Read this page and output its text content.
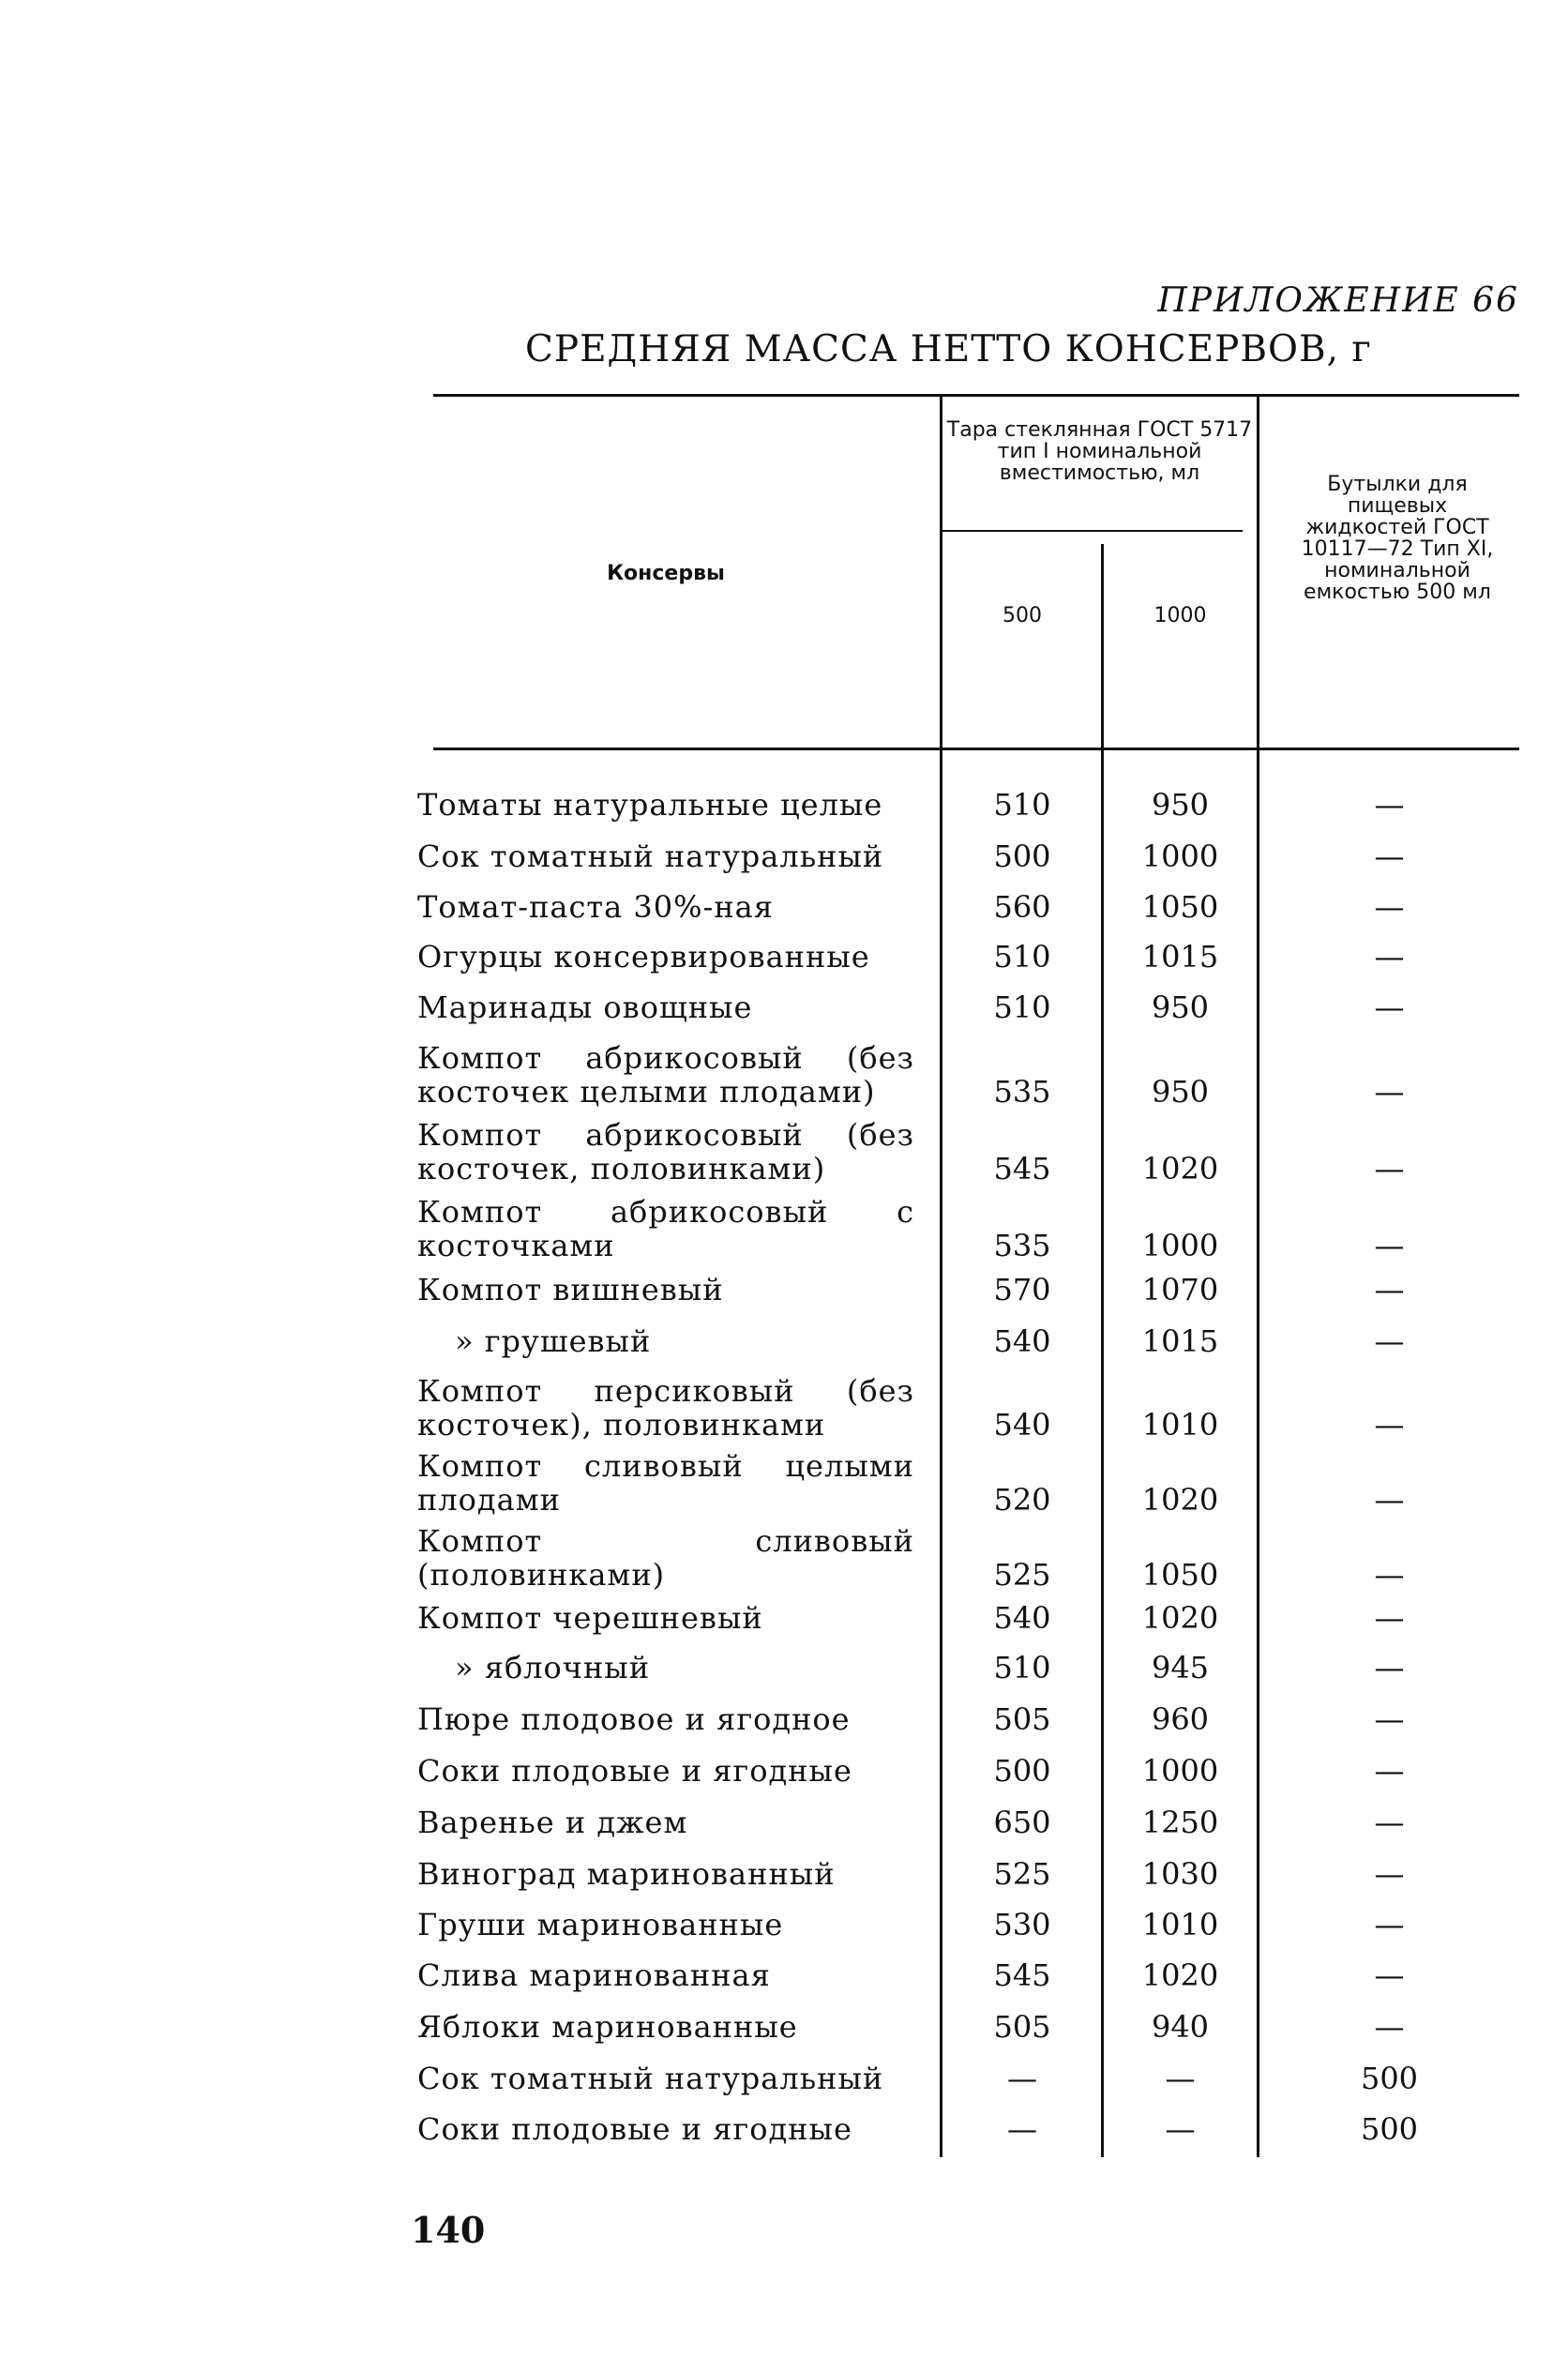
ПРИЛОЖЕНИЕ 66
СРЕДНЯЯ МАССА НЕТТО КОНСЕРВОВ, г
Консервы
Тара стеклянная ГОСТ 5717 тип I номинальной вместимостью, мл
500	1000
Бутылки для пищевых жидкостей ГОСТ 10117—72 Тип XI, номинальной емкостью 500 мл
Томаты натуральные целые	510	950	—
Сок томатный натуральный	500	1000	—
Томат-паста 30%-ная	560	1050	—
Огурцы консервированные	510	1015	—
Маринады овощные	510	950	—
Компот абрикосовый (без косточек целыми плодами)	535	950	—
Компот абрикосовый (без косточек, половинками)	545	1020	—
Компот абрикосовый с косточками	535	1000	—
Компот вишневый	570	1070	—
» грушевый	540	1015	—
Компот персиковый (без косточек), половинками	540	1010	—
Компот сливовый целыми плодами	520	1020	—
Компот сливовый (половинками)	525	1050	—
Компот черешневый	540	1020	—
» яблочный	510	945	—
Пюре плодовое и ягодное	505	960	—
Соки плодовые и ягодные	500	1000	—
Варенье и джем	650	1250	—
Виноград маринованный	525	1030	—
Груши маринованные	530	1010	—
Слива маринованная	545	1020	—
Яблоки маринованные	505	940	—
Сок томатный натуральный	—	—	500
Соки плодовые и ягодные	—	—	500
140
